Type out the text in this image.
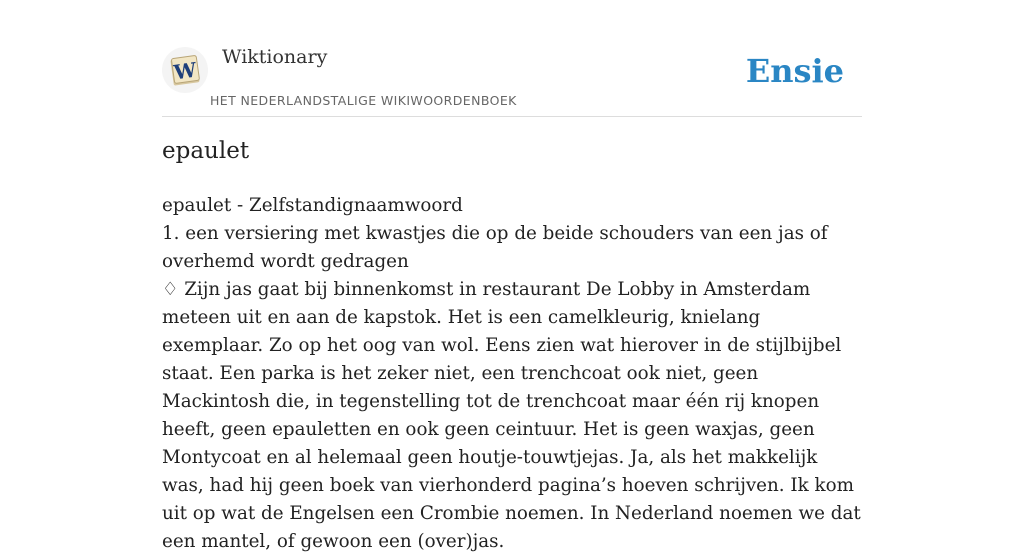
W
Wiktionary
HET NEDERLANDSTALIGE WIKIWOORDENBOEK
Ensie
epaulet

epaulet - Zelfstandignaamwoord

1. een versiering met kwastjes die op de beide schouders van een jas of overhemd wordt gedragen

♢ Zijn jas gaat bij binnenkomst in restaurant De Lobby in Amsterdam meteen uit en aan de kapstok. Het is een camelkleurig, knielang exemplaar. Zo op het oog van wol. Eens zien wat hierover in de stijlbijbel staat. Een parka is het zeker niet, een trenchcoat ook niet, geen Mackintosh die, in tegenstelling tot de trenchcoat maar één rij knopen heeft, geen epauletten en ook geen ceintuur. Het is geen waxjas, geen Montycoat en al helemaal geen houtje-touwtjejas. Ja, als het makkelijk was, had hij geen boek van vierhonderd pagina’s hoeven schrijven. Ik kom uit op wat de Engelsen een Crombie noemen. In Nederland noemen we dat een mantel, of gewoon een (over)jas.
